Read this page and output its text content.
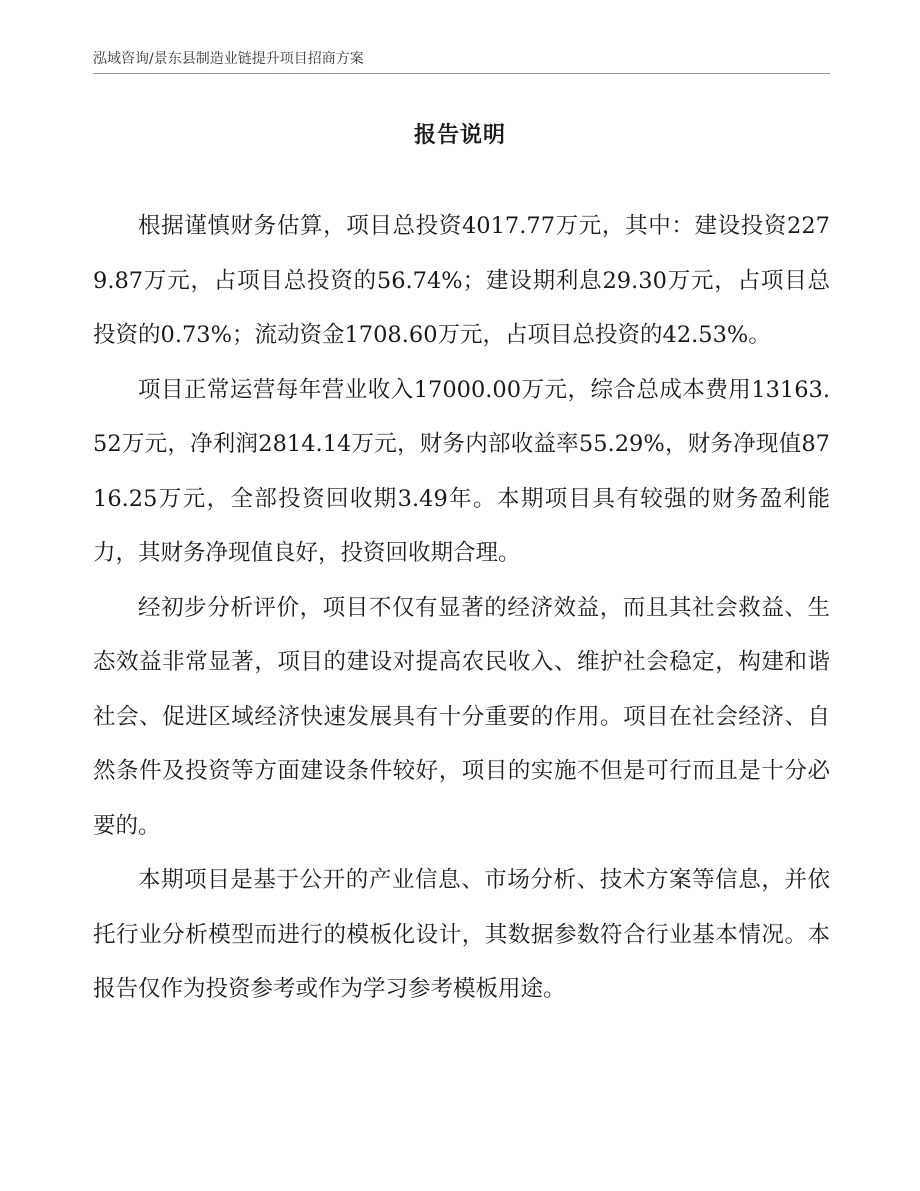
泓域咨询/景东县制造业链提升项目招商方案
报告说明

根据谨慎财务估算，项目总投资4017.77万元，其中：建设投资2279.87万元，占项目总投资的56.74%；建设期利息29.30万元，占项目总投资的0.73%；流动资金1708.60万元，占项目总投资的42.53%。

项目正常运营每年营业收入17000.00万元，综合总成本费用13163.52万元，净利润2814.14万元，财务内部收益率55.29%，财务净现值8716.25万元，全部投资回收期3.49年。本期项目具有较强的财务盈利能力，其财务净现值良好，投资回收期合理。

经初步分析评价，项目不仅有显著的经济效益，而且其社会救益、生态效益非常显著，项目的建设对提高农民收入、维护社会稳定，构建和谐社会、促进区域经济快速发展具有十分重要的作用。项目在社会经济、自然条件及投资等方面建设条件较好，项目的实施不但是可行而且是十分必要的。

本期项目是基于公开的产业信息、市场分析、技术方案等信息，并依托行业分析模型而进行的模板化设计，其数据参数符合行业基本情况。本报告仅作为投资参考或作为学习参考模板用途。
